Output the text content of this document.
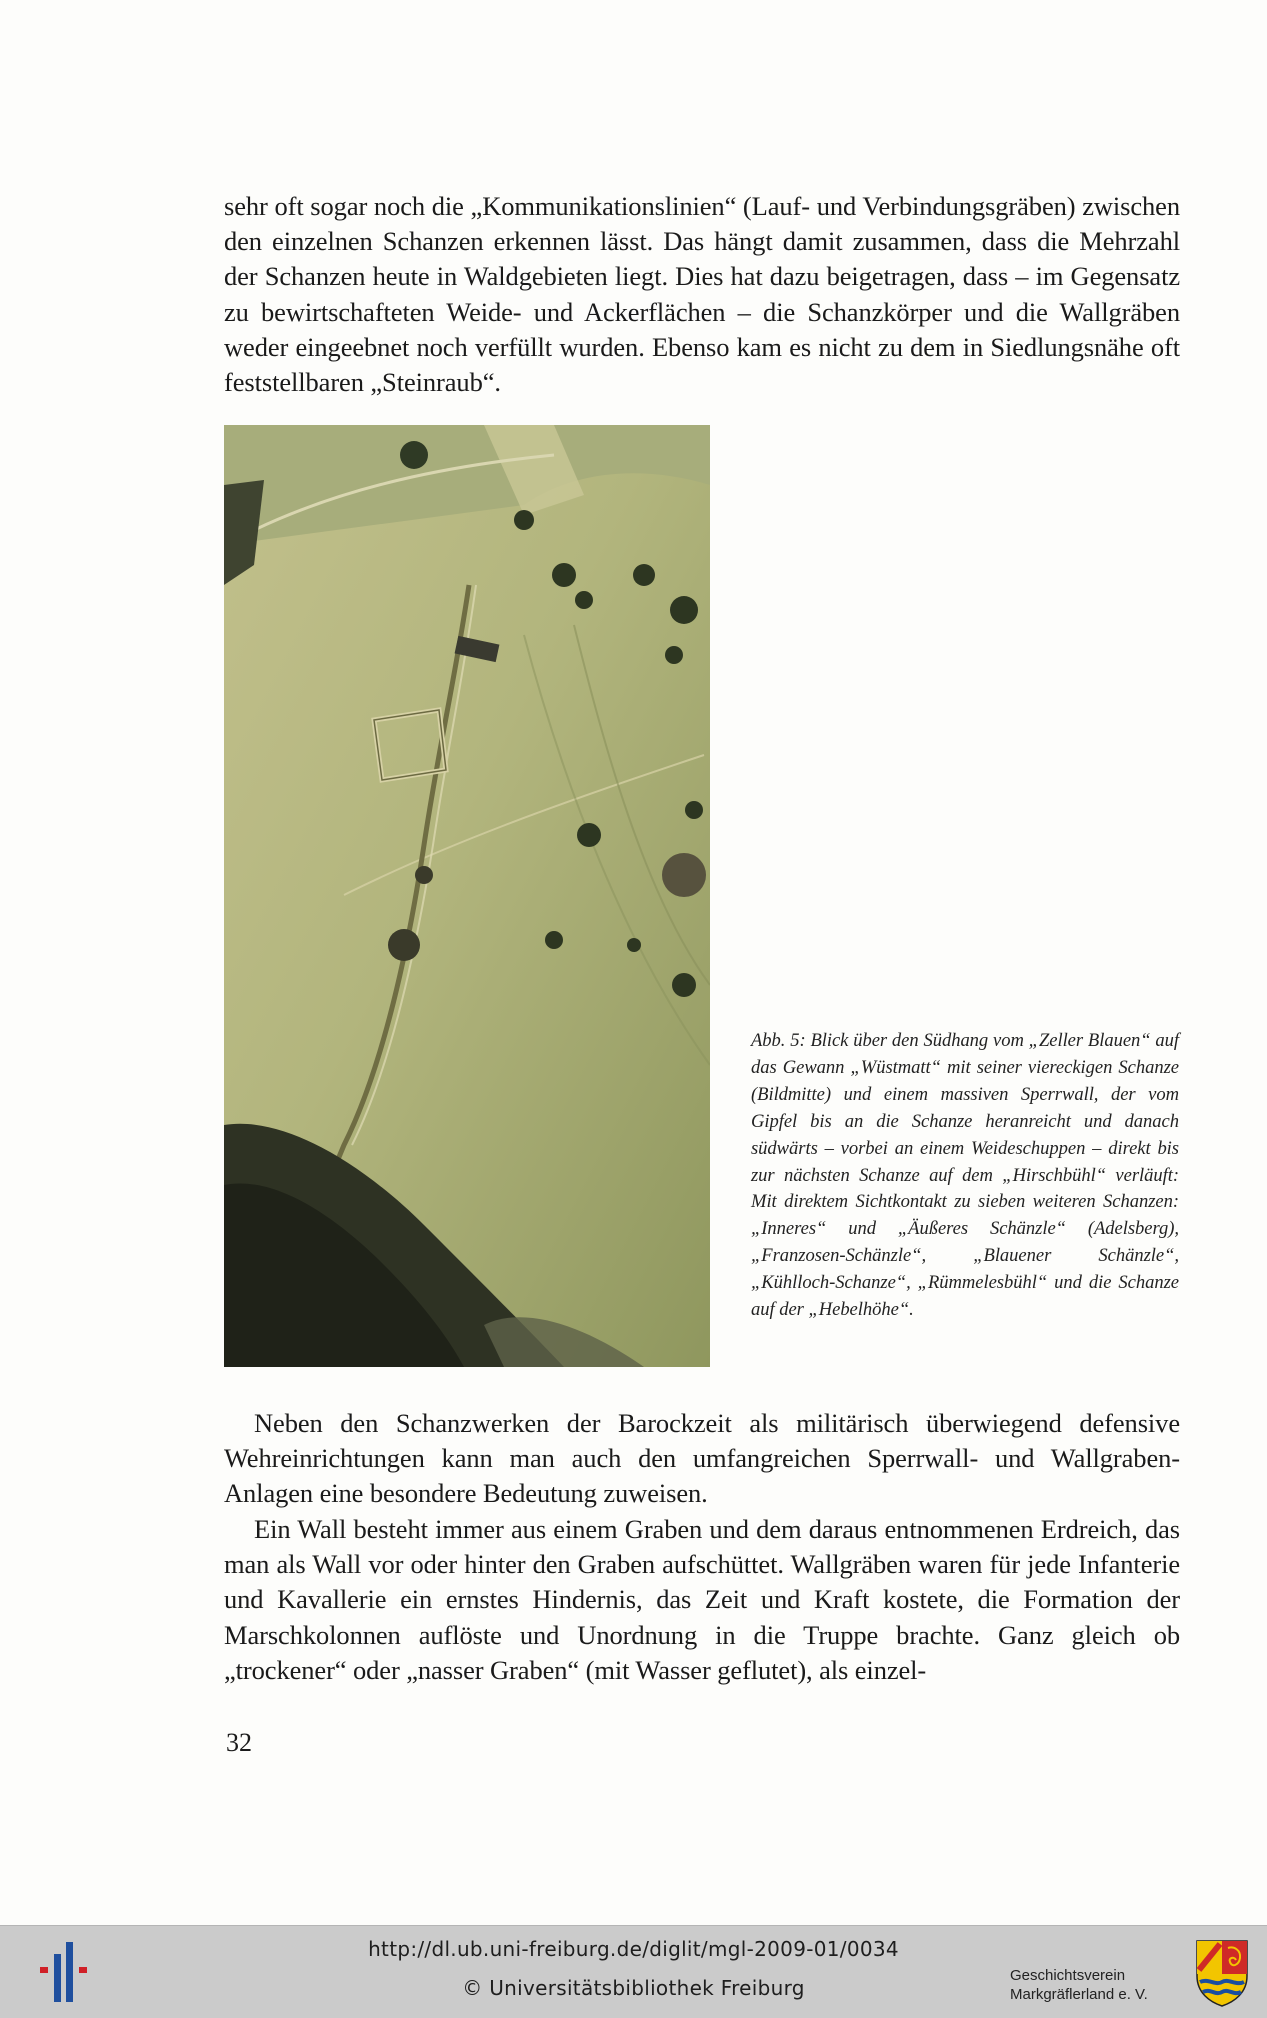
sehr oft sogar noch die „Kommunikationslinien“ (Lauf- und Verbindungsgräben) zwischen den einzelnen Schanzen erkennen lässt. Das hängt damit zusammen, dass die Mehrzahl der Schanzen heute in Waldgebieten liegt. Dies hat dazu beigetragen, dass – im Gegensatz zu bewirtschafteten Weide- und Ackerflächen – die Schanzkörper und die Wallgräben weder eingeebnet noch verfüllt wurden. Ebenso kam es nicht zu dem in Siedlungsnähe oft feststellbaren „Steinraub“.

Abb. 5: Blick über den Südhang vom „Zeller Blauen“ auf das Gewann „Wüstmatt“ mit seiner viereckigen Schanze (Bildmitte) und einem massiven Sperrwall, der vom Gipfel bis an die Schanze heranreicht und danach südwärts – vorbei an einem Weideschuppen – direkt bis zur nächsten Schanze auf dem „Hirschbühl“ verläuft: Mit direktem Sichtkontakt zu sieben weiteren Schanzen: „Inneres“ und „Äußeres Schänzle“ (Adelsberg), „Franzosen-Schänzle“, „Blauener Schänzle“, „Kühlloch-Schanze“, „Rümmelesbühl“ und die Schanze auf der „Hebelhöhe“.

Neben den Schanzwerken der Barockzeit als militärisch überwiegend defensive Wehreinrichtungen kann man auch den umfangreichen Sperrwall- und Wallgraben-Anlagen eine besondere Bedeutung zuweisen.

Ein Wall besteht immer aus einem Graben und dem daraus entnommenen Erdreich, das man als Wall vor oder hinter den Graben aufschüttet. Wallgräben waren für jede Infanterie und Kavallerie ein ernstes Hindernis, das Zeit und Kraft kostete, die Formation der Marschkolonnen auflöste und Unordnung in die Truppe brachte. Ganz gleich ob „trockener“ oder „nasser Graben“ (mit Wasser geflutet), als einzel-

32
http://dl.ub.uni-freiburg.de/diglit/mgl-2009-01/0034
© Universitätsbibliothek Freiburg
Geschichtsverein
Markgräflerland e. V.
